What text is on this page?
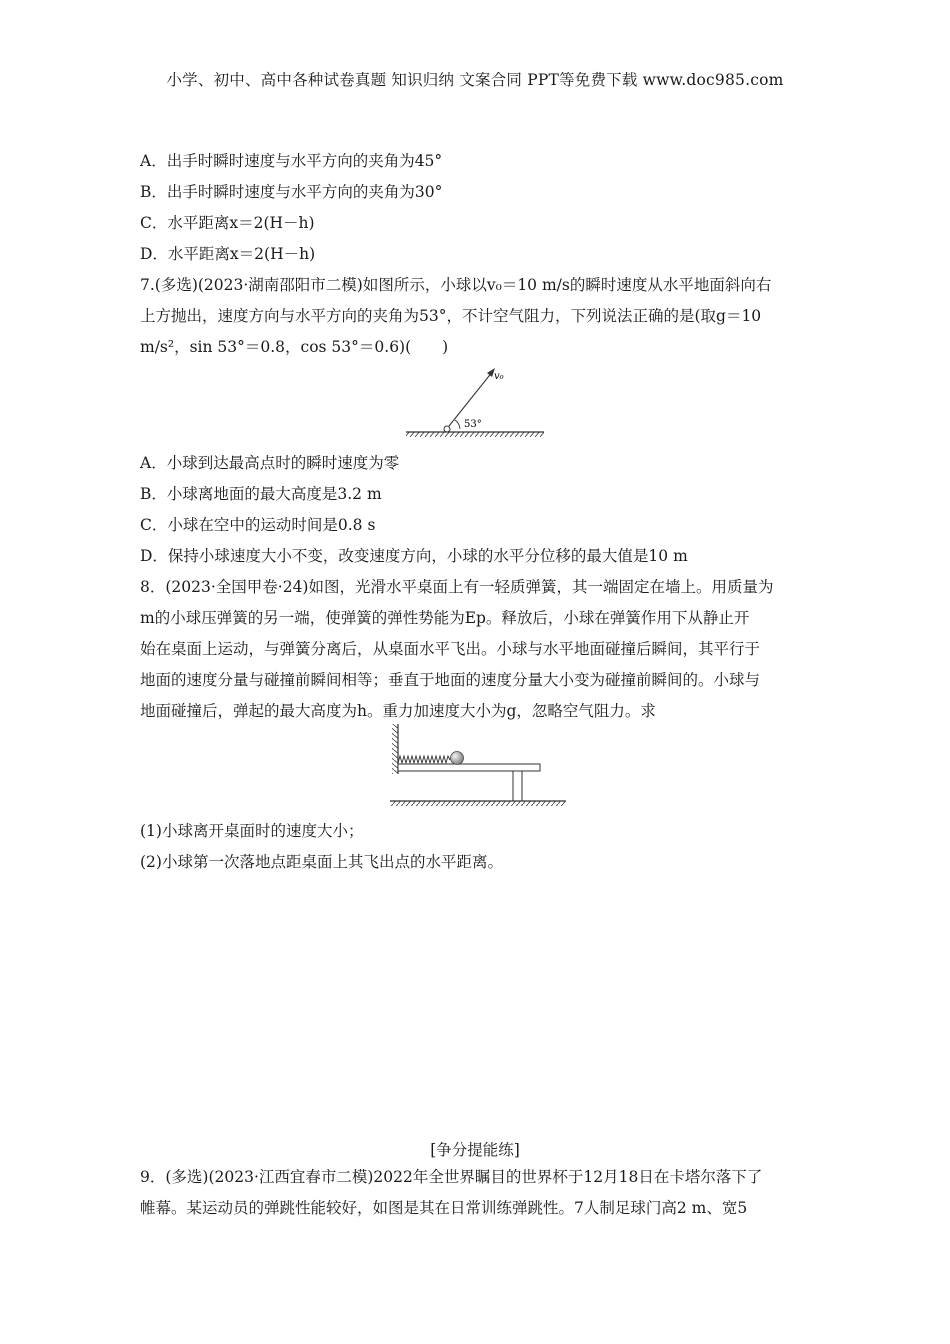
小学、初中、高中各种试卷真题 知识归纳 文案合同 PPT等免费下载 www.doc985.com
A．出手时瞬时速度与水平方向的夹角为45°
B．出手时瞬时速度与水平方向的夹角为30°
C．水平距离x＝2(H－h)
D．水平距离x＝2(H－h)
7.(多选)(2023·湖南邵阳市二模)如图所示，小球以v₀＝10 m/s的瞬时速度从水平地面斜向右
上方抛出，速度方向与水平方向的夹角为53°，不计空气阻力，下列说法正确的是(取g＝10
m/s²，sin 53°＝0.8，cos 53°＝0.6)(　　)
v₀
53°
A．小球到达最高点时的瞬时速度为零
B．小球离地面的最大高度是3.2 m
C．小球在空中的运动时间是0.8 s
D．保持小球速度大小不变，改变速度方向，小球的水平分位移的最大值是10 m
8．(2023·全国甲卷·24)如图，光滑水平桌面上有一轻质弹簧，其一端固定在墙上。用质量为
m的小球压弹簧的另一端，使弹簧的弹性势能为Ep。释放后，小球在弹簧作用下从静止开
始在桌面上运动，与弹簧分离后，从桌面水平飞出。小球与水平地面碰撞后瞬间，其平行于
地面的速度分量与碰撞前瞬间相等；垂直于地面的速度分量大小变为碰撞前瞬间的。小球与
地面碰撞后，弹起的最大高度为h。重力加速度大小为g，忽略空气阻力。求
(1)小球离开桌面时的速度大小；
(2)小球第一次落地点距桌面上其飞出点的水平距离。
[争分提能练]
9．(多选)(2023·江西宜春市二模)2022年全世界瞩目的世界杯于12月18日在卡塔尔落下了
帷幕。某运动员的弹跳性能较好，如图是其在日常训练弹跳性。7人制足球门高2 m、宽5
